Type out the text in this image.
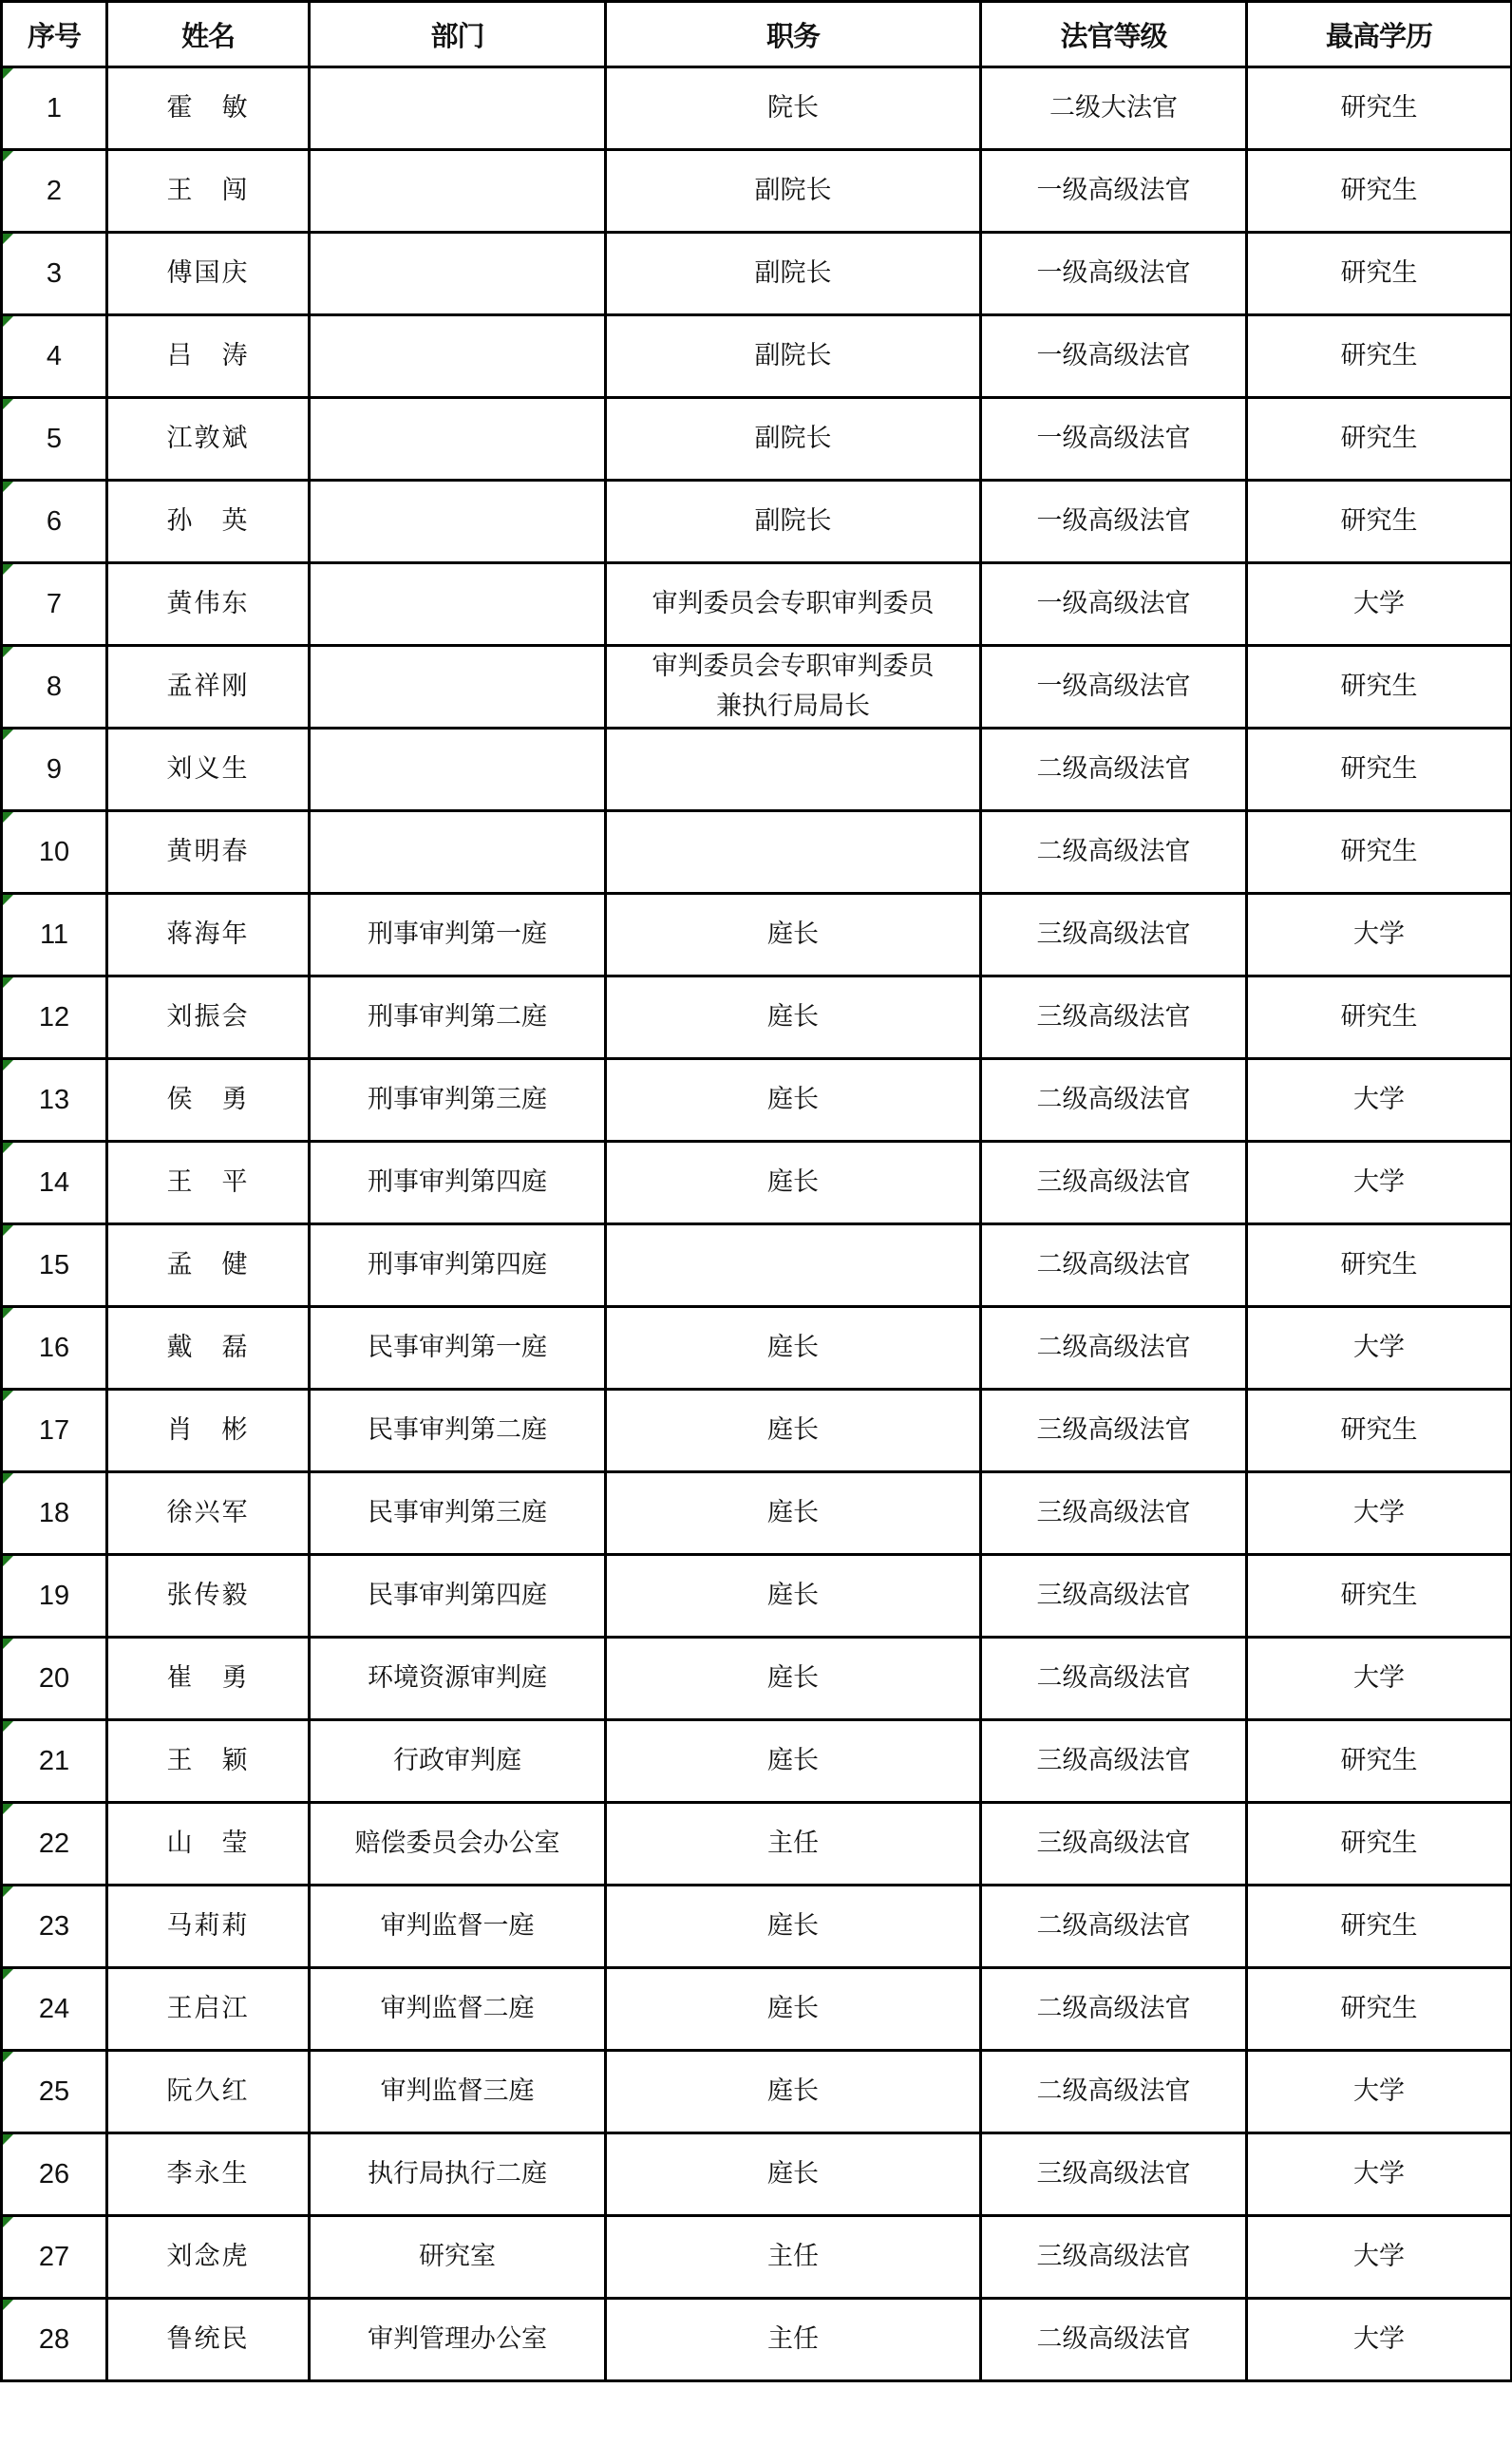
序号	姓名	部门	职务	法官等级	最高学历

1	霍　敏		院长	二级大法官	研究生

2	王　闯		副院长	一级高级法官	研究生

3	傅国庆		副院长	一级高级法官	研究生

4	吕　涛		副院长	一级高级法官	研究生

5	江敦斌		副院长	一级高级法官	研究生

6	孙　英		副院长	一级高级法官	研究生

7	黄伟东		审判委员会专职审判委员	一级高级法官	大学

8	孟祥刚		审判委员会专职审判委员
兼执行局局长	一级高级法官	研究生

9	刘义生			二级高级法官	研究生

10	黄明春			二级高级法官	研究生

11	蒋海年	刑事审判第一庭	庭长	三级高级法官	大学

12	刘振会	刑事审判第二庭	庭长	三级高级法官	研究生

13	侯　勇	刑事审判第三庭	庭长	二级高级法官	大学

14	王　平	刑事审判第四庭	庭长	三级高级法官	大学

15	孟　健	刑事审判第四庭		二级高级法官	研究生

16	戴　磊	民事审判第一庭	庭长	二级高级法官	大学

17	肖　彬	民事审判第二庭	庭长	三级高级法官	研究生

18	徐兴军	民事审判第三庭	庭长	三级高级法官	大学

19	张传毅	民事审判第四庭	庭长	三级高级法官	研究生

20	崔　勇	环境资源审判庭	庭长	二级高级法官	大学

21	王　颖	行政审判庭	庭长	三级高级法官	研究生

22	山　莹	赔偿委员会办公室	主任	三级高级法官	研究生

23	马莉莉	审判监督一庭	庭长	二级高级法官	研究生

24	王启江	审判监督二庭	庭长	二级高级法官	研究生

25	阮久红	审判监督三庭	庭长	二级高级法官	大学

26	李永生	执行局执行二庭	庭长	三级高级法官	大学

27	刘念虎	研究室	主任	三级高级法官	大学

28	鲁统民	审判管理办公室	主任	二级高级法官	大学
